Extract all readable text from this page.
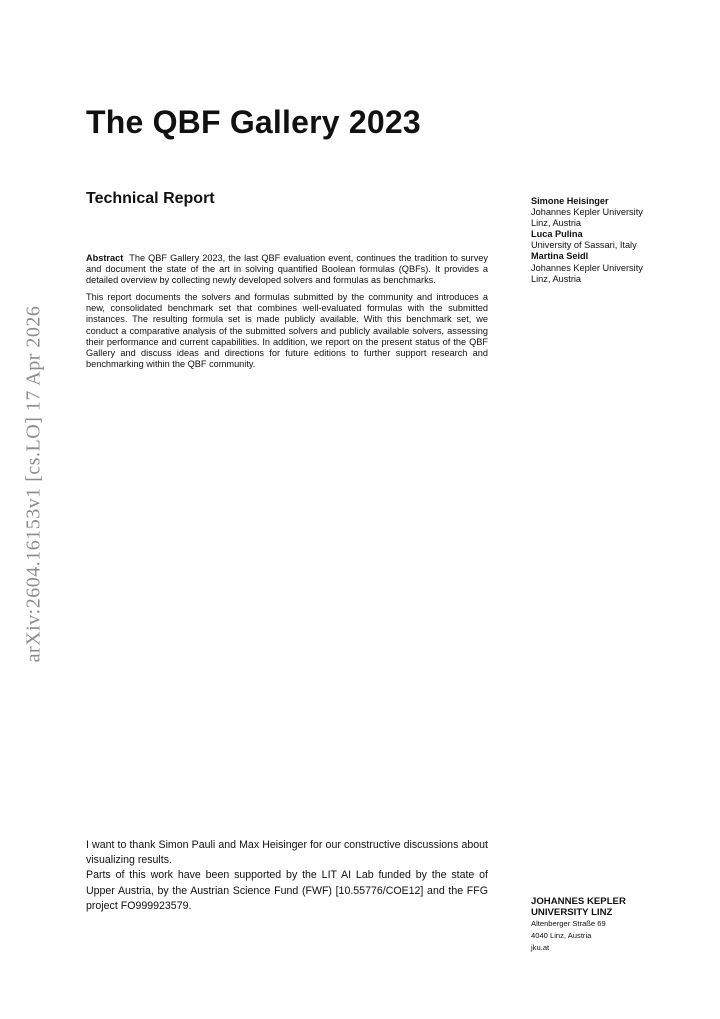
arXiv:2604.16153v1 [cs.LO] 17 Apr 2026
The QBF Gallery 2023
Technical Report

Abstract The QBF Gallery 2023, the last QBF evaluation event, continues the tradition to survey and document the state of the art in solving quantified Boolean formulas (QBFs). It provides a detailed overview by collecting newly developed solvers and formulas as benchmarks.

This report documents the solvers and formulas submitted by the community and introduces a new, consolidated benchmark set that combines well-evaluated formulas with the submitted instances. The resulting formula set is made publicly available. With this benchmark set, we conduct a comparative analysis of the submitted solvers and publicly available solvers, assessing their performance and current capabilities. In addition, we report on the present status of the QBF Gallery and discuss ideas and directions for future editions to further support research and benchmarking within the QBF community.

Simone Heisinger
Johannes Kepler University
Linz, Austria
Luca Pulina
University of Sassari, Italy
Martina Seidl
Johannes Kepler University
Linz, Austria

I want to thank Simon Pauli and Max Heisinger for our constructive discussions about visualizing results.

Parts of this work have been supported by the LIT AI Lab funded by the state of Upper Austria, by the Austrian Science Fund (FWF) [10.55776/COE12] and the FFG project FO999923579.	JOHANNES KEPLER
UNIVERSITY LINZ
Altenberger Straße 69
4040 Linz, Austria
jku.at
